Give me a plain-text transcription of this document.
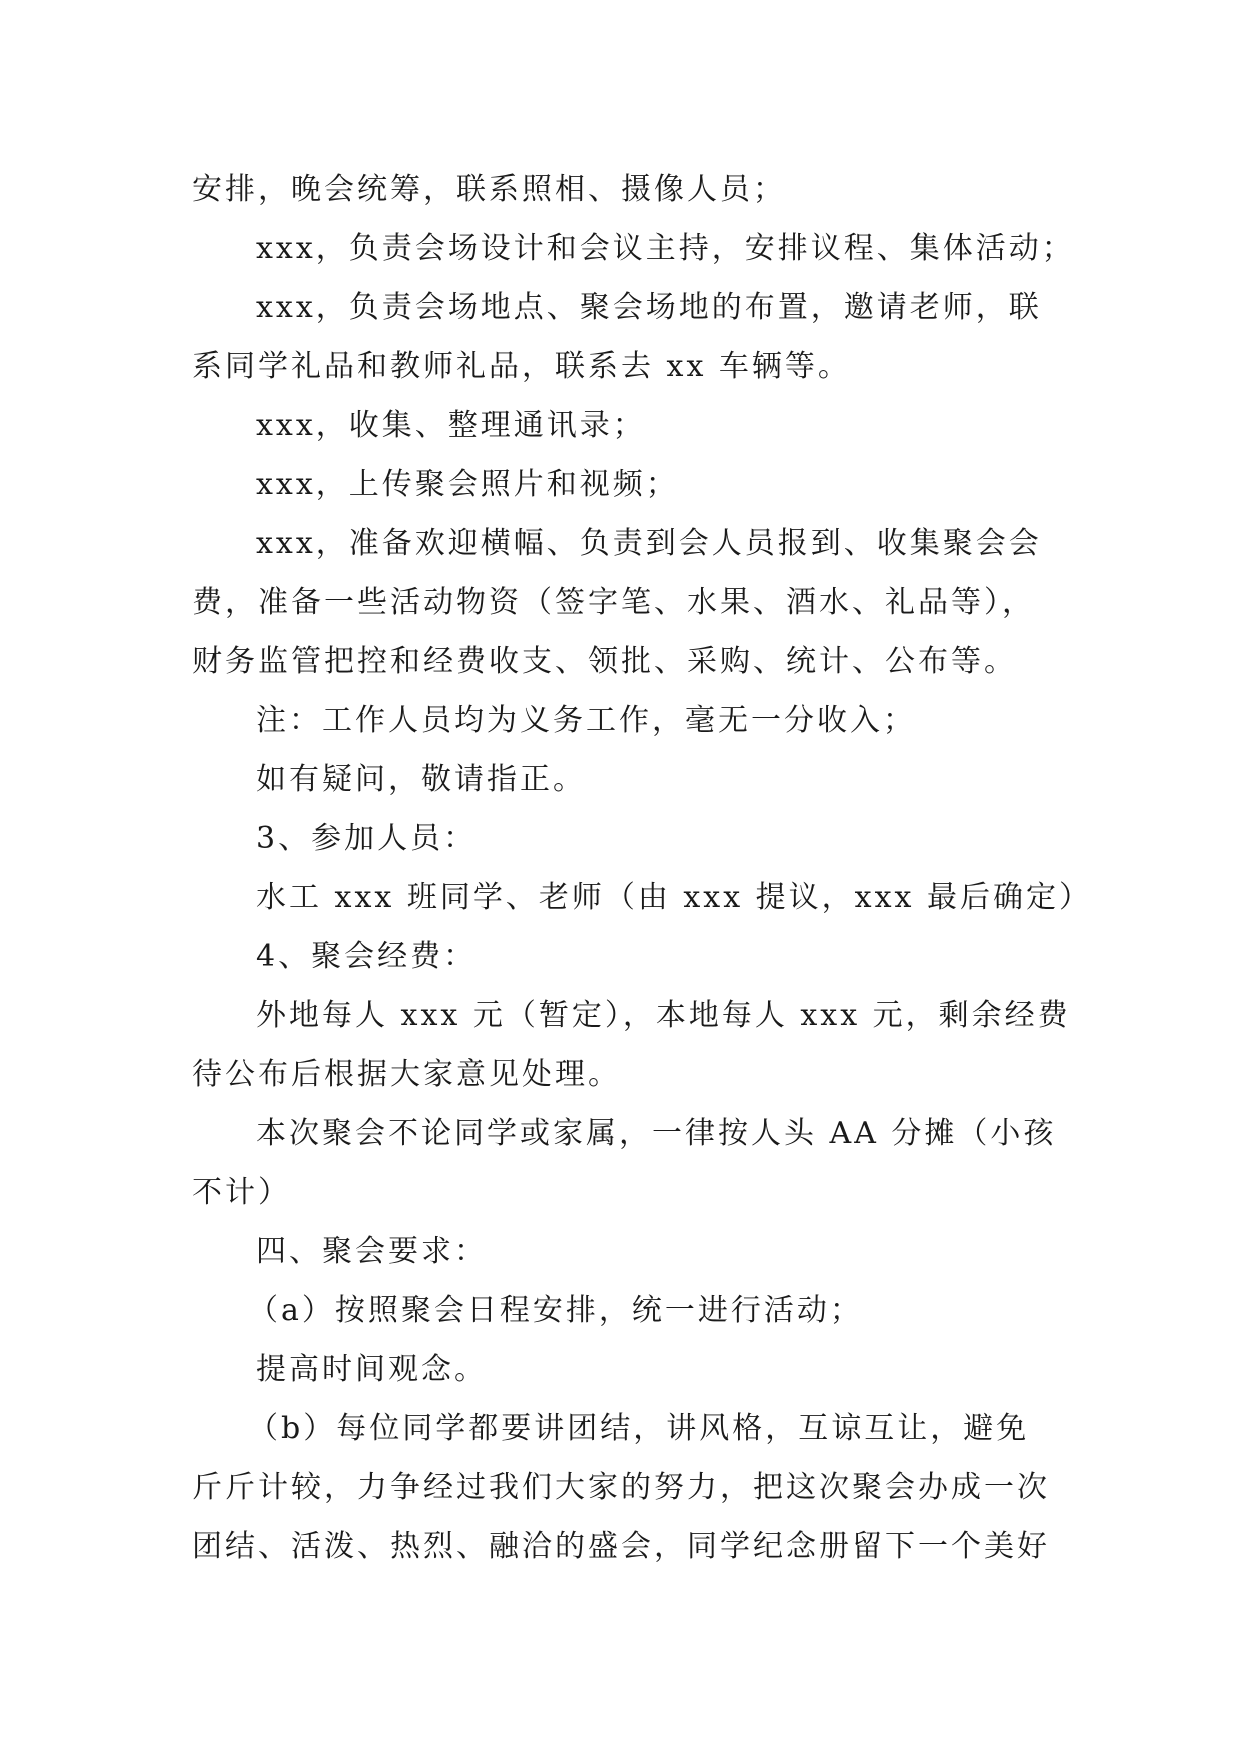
安排，晚会统筹，联系照相、摄像人员；

xxx，负责会场设计和会议主持，安排议程、集体活动；

xxx，负责会场地点、聚会场地的布置，邀请老师，联

系同学礼品和教师礼品，联系去 xx 车辆等。

xxx，收集、整理通讯录；

xxx，上传聚会照片和视频；

xxx，准备欢迎横幅、负责到会人员报到、收集聚会会

费，准备一些活动物资（签字笔、水果、酒水、礼品等），

财务监管把控和经费收支、领批、采购、统计、公布等。

注：工作人员均为义务工作，毫无一分收入；

如有疑问，敬请指正。

3、参加人员：

水工 xxx 班同学、老师（由 xxx 提议，xxx 最后确定）

4、聚会经费：

外地每人 xxx 元（暂定），本地每人 xxx 元，剩余经费

待公布后根据大家意见处理。

本次聚会不论同学或家属，一律按人头 AA 分摊（小孩

不计）

四、聚会要求：

（a）按照聚会日程安排，统一进行活动；

提高时间观念。

（b）每位同学都要讲团结，讲风格，互谅互让，避免

斤斤计较，力争经过我们大家的努力，把这次聚会办成一次

团结、活泼、热烈、融洽的盛会，同学纪念册留下一个美好
